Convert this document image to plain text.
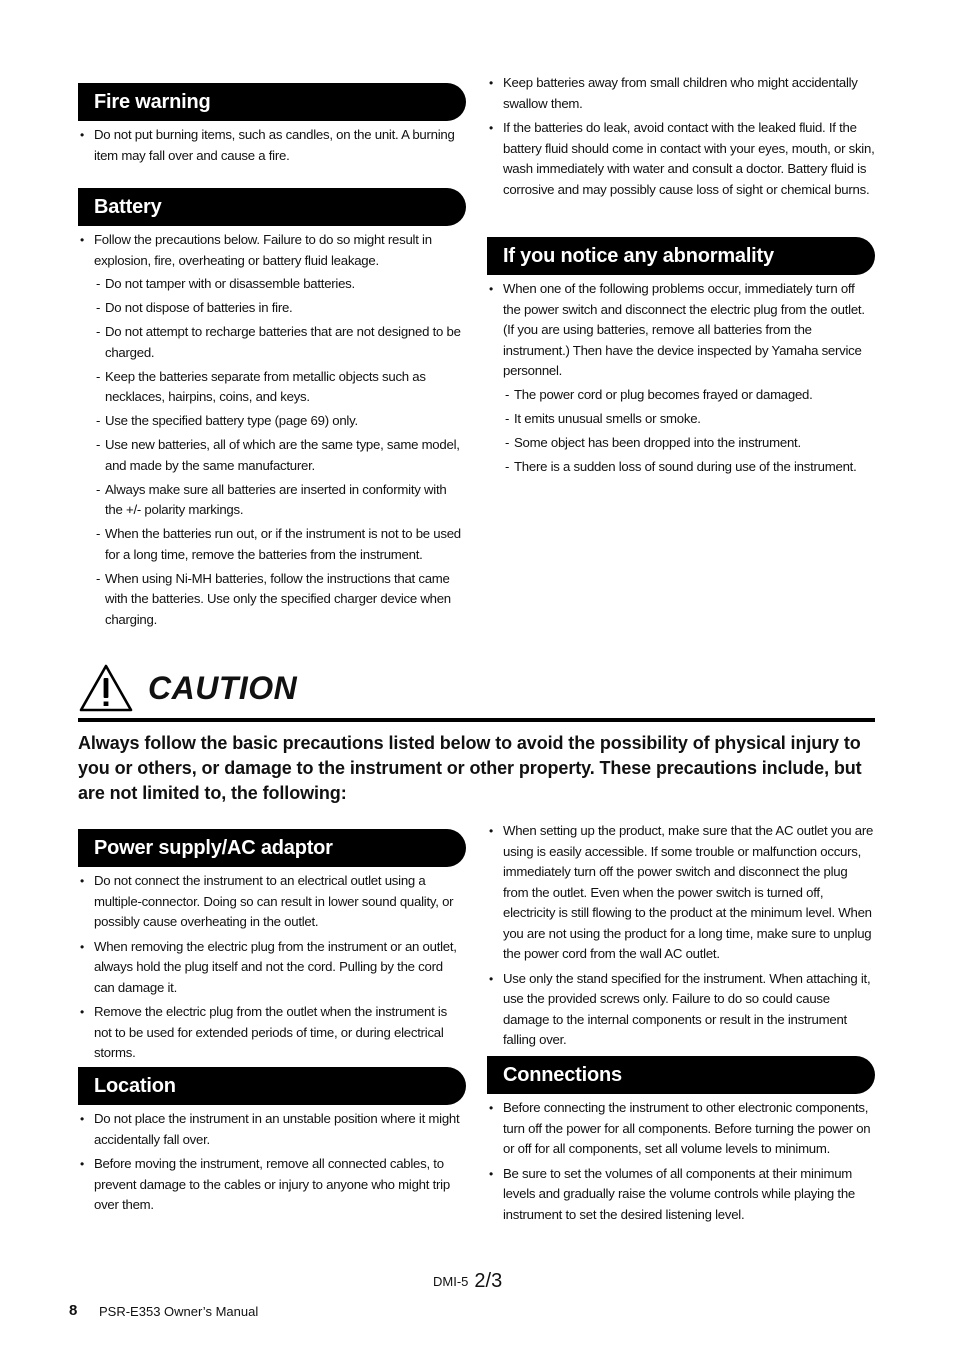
Fire warning
• Do not put burning items, such as candles, on the unit. A burning item may fall over and cause a fire.
Battery
• Follow the precautions below. Failure to do so might result in explosion, fire, overheating or battery fluid leakage.
- Do not tamper with or disassemble batteries.
- Do not dispose of batteries in fire.
- Do not attempt to recharge batteries that are not designed to be charged.
- Keep the batteries separate from metallic objects such as necklaces, hairpins, coins, and keys.
- Use the specified battery type (page 69) only.
- Use new batteries, all of which are the same type, same model, and made by the same manufacturer.
- Always make sure all batteries are inserted in conformity with the +/- polarity markings.
- When the batteries run out, or if the instrument is not to be used for a long time, remove the batteries from the instrument.
- When using Ni-MH batteries, follow the instructions that came with the batteries. Use only the specified charger device when charging.
• Keep batteries away from small children who might accidentally swallow them.
• If the batteries do leak, avoid contact with the leaked fluid. If the battery fluid should come in contact with your eyes, mouth, or skin, wash immediately with water and consult a doctor. Battery fluid is corrosive and may possibly cause loss of sight or chemical burns.
If you notice any abnormality
• When one of the following problems occur, immediately turn off the power switch and disconnect the electric plug from the outlet. (If you are using batteries, remove all batteries from the instrument.) Then have the device inspected by Yamaha service personnel.
- The power cord or plug becomes frayed or damaged.
- It emits unusual smells or smoke.
- Some object has been dropped into the instrument.
- There is a sudden loss of sound during use of the instrument.
CAUTION
Always follow the basic precautions listed below to avoid the possibility of physical injury to you or others, or damage to the instrument or other property. These precautions include, but are not limited to, the following:
Power supply/AC adaptor
• Do not connect the instrument to an electrical outlet using a multiple-connector. Doing so can result in lower sound quality, or possibly cause overheating in the outlet.
• When removing the electric plug from the instrument or an outlet, always hold the plug itself and not the cord. Pulling by the cord can damage it.
• Remove the electric plug from the outlet when the instrument is not to be used for extended periods of time, or during electrical storms.
Location
• Do not place the instrument in an unstable position where it might accidentally fall over.
• Before moving the instrument, remove all connected cables, to prevent damage to the cables or injury to anyone who might trip over them.
• When setting up the product, make sure that the AC outlet you are using is easily accessible. If some trouble or malfunction occurs, immediately turn off the power switch and disconnect the plug from the outlet. Even when the power switch is turned off, electricity is still flowing to the product at the minimum level. When you are not using the product for a long time, make sure to unplug the power cord from the wall AC outlet.
• Use only the stand specified for the instrument. When attaching it, use the provided screws only. Failure to do so could cause damage to the internal components or result in the instrument falling over.
Connections
• Before connecting the instrument to other electronic components, turn off the power for all components. Before turning the power on or off for all components, set all volume levels to minimum.
• Be sure to set the volumes of all components at their minimum levels and gradually raise the volume controls while playing the instrument to set the desired listening level.
DMI-5 2/3
8 PSR-E353 Owner’s Manual
